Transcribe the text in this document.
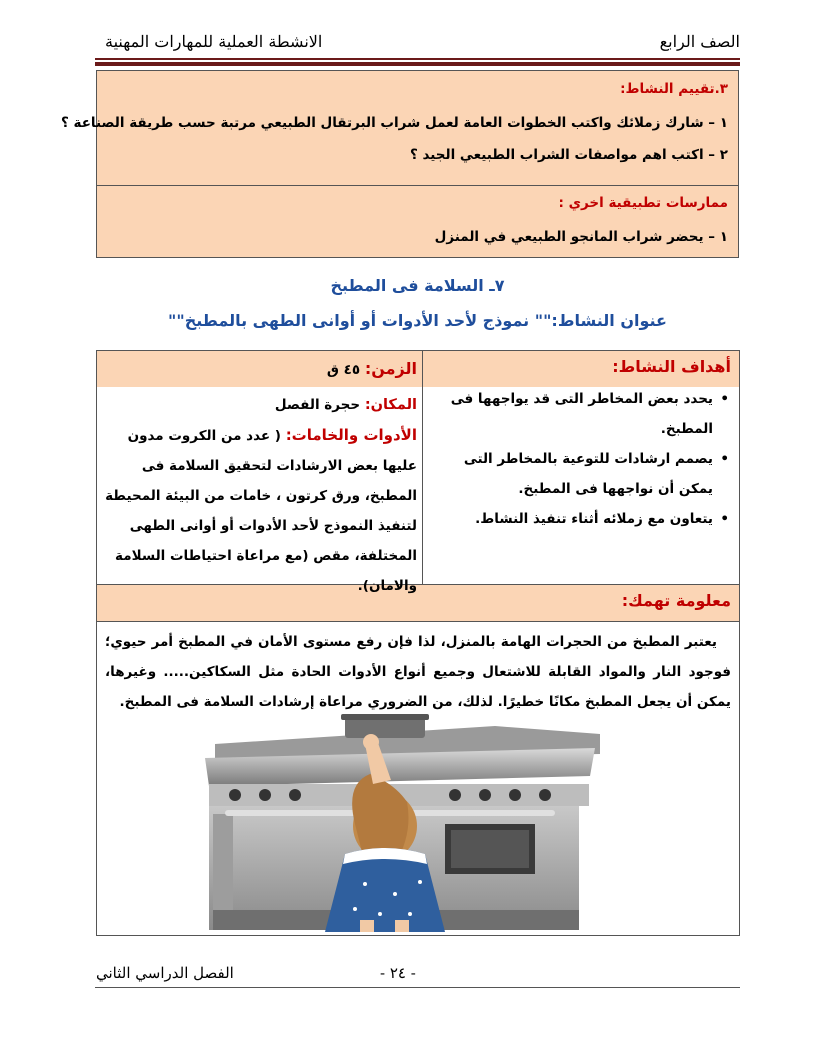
الصف الرابع
الانشطة العملية للمهارات المهنية
٣.تقييم النشاط:
١ – شارك زملائك واكتب الخطوات العامة لعمل شراب البرتقال الطبيعي مرتبة حسب طريقة الصناعة ؟
٢ – اكتب اهم مواصفات الشراب الطبيعي الجيد ؟
ممارسات تطبيقية اخري :
١ – يحضر شراب المانجو الطبيعي في المنزل
٧ـ السلامة فى المطبخ
عنوان النشاط:"" نموذج لأحد الأدوات أو أوانى الطهى بالمطبخ""
أهداف النشاط:
• يحدد بعض المخاطر التى قد يواجهها فى المطبخ.
• يصمم ارشادات للتوعية بالمخاطر التى يمكن أن نواجهها فى المطبخ.
• يتعاون مع زملائه أثناء تنفيذ النشاط.
الزمن: ٤٥ ق
المكان: حجرة الفصل
الأدوات والخامات: ( عدد من الكروت مدون عليها بعض الارشادات لتحقيق السلامة فى المطبخ، ورق كرتون ، خامات من البيئة المحيطة لتنفيذ النموذج لأحد الأدوات أو أوانى الطهى المختلفة، مقص (مع مراعاة احتياطات السلامة والامان).
معلومة تهمك:
يعتبر المطبخ من الحجرات الهامة بالمنزل، لذا فإن رفع مستوى الأمان في المطبخ أمر حيوي؛ فوجود النار والمواد القابلة للاشتعال وجميع أنواع الأدوات الحادة مثل السكاكين..... وغيرها، يمكن أن يجعل المطبخ مكانًا خطيرًا. لذلك، من الضروري مراعاة إرشادات السلامة فى المطبخ.
- ٢٤ -
الفصل الدراسي الثاني
